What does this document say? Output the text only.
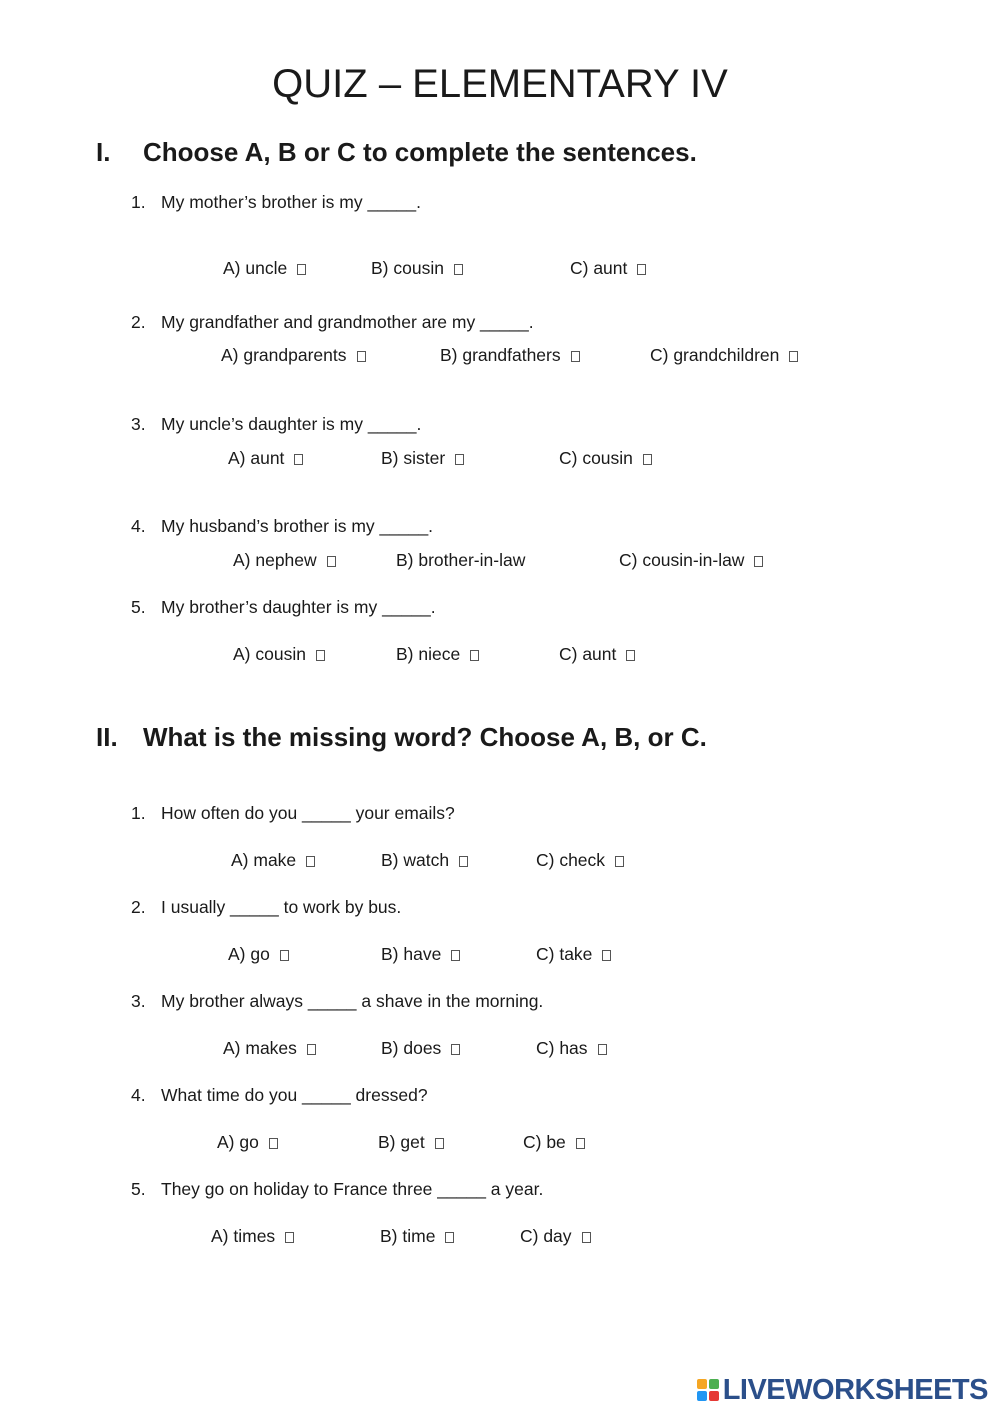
QUIZ – ELEMENTARY IV
I. Choose A, B or C to complete the sentences.
1. My mother’s brother is my _____.
A) uncle	B) cousin	C) aunt
2. My grandfather and grandmother are my _____.
A) grandparents	B) grandfathers	C) grandchildren
3. My uncle’s daughter is my _____.
A) aunt	B) sister	C) cousin
4. My husband’s brother is my _____.
A) nephew	B) brother-in-law	C) cousin-in-law
5. My brother’s daughter is my _____.
A) cousin	B) niece	C) aunt
II. What is the missing word? Choose A, B, or C.
1. How often do you _____ your emails?
A) make	B) watch	C) check
2. I usually _____ to work by bus.
A) go	B) have	C) take
3. My brother always _____ a shave in the morning.
A) makes	B) does	C) has
4. What time do you _____ dressed?
A) go	B) get	C) be
5. They go on holiday to France three _____ a year.
A) times	B) time	C) day
LIVEWORKSHEETS
